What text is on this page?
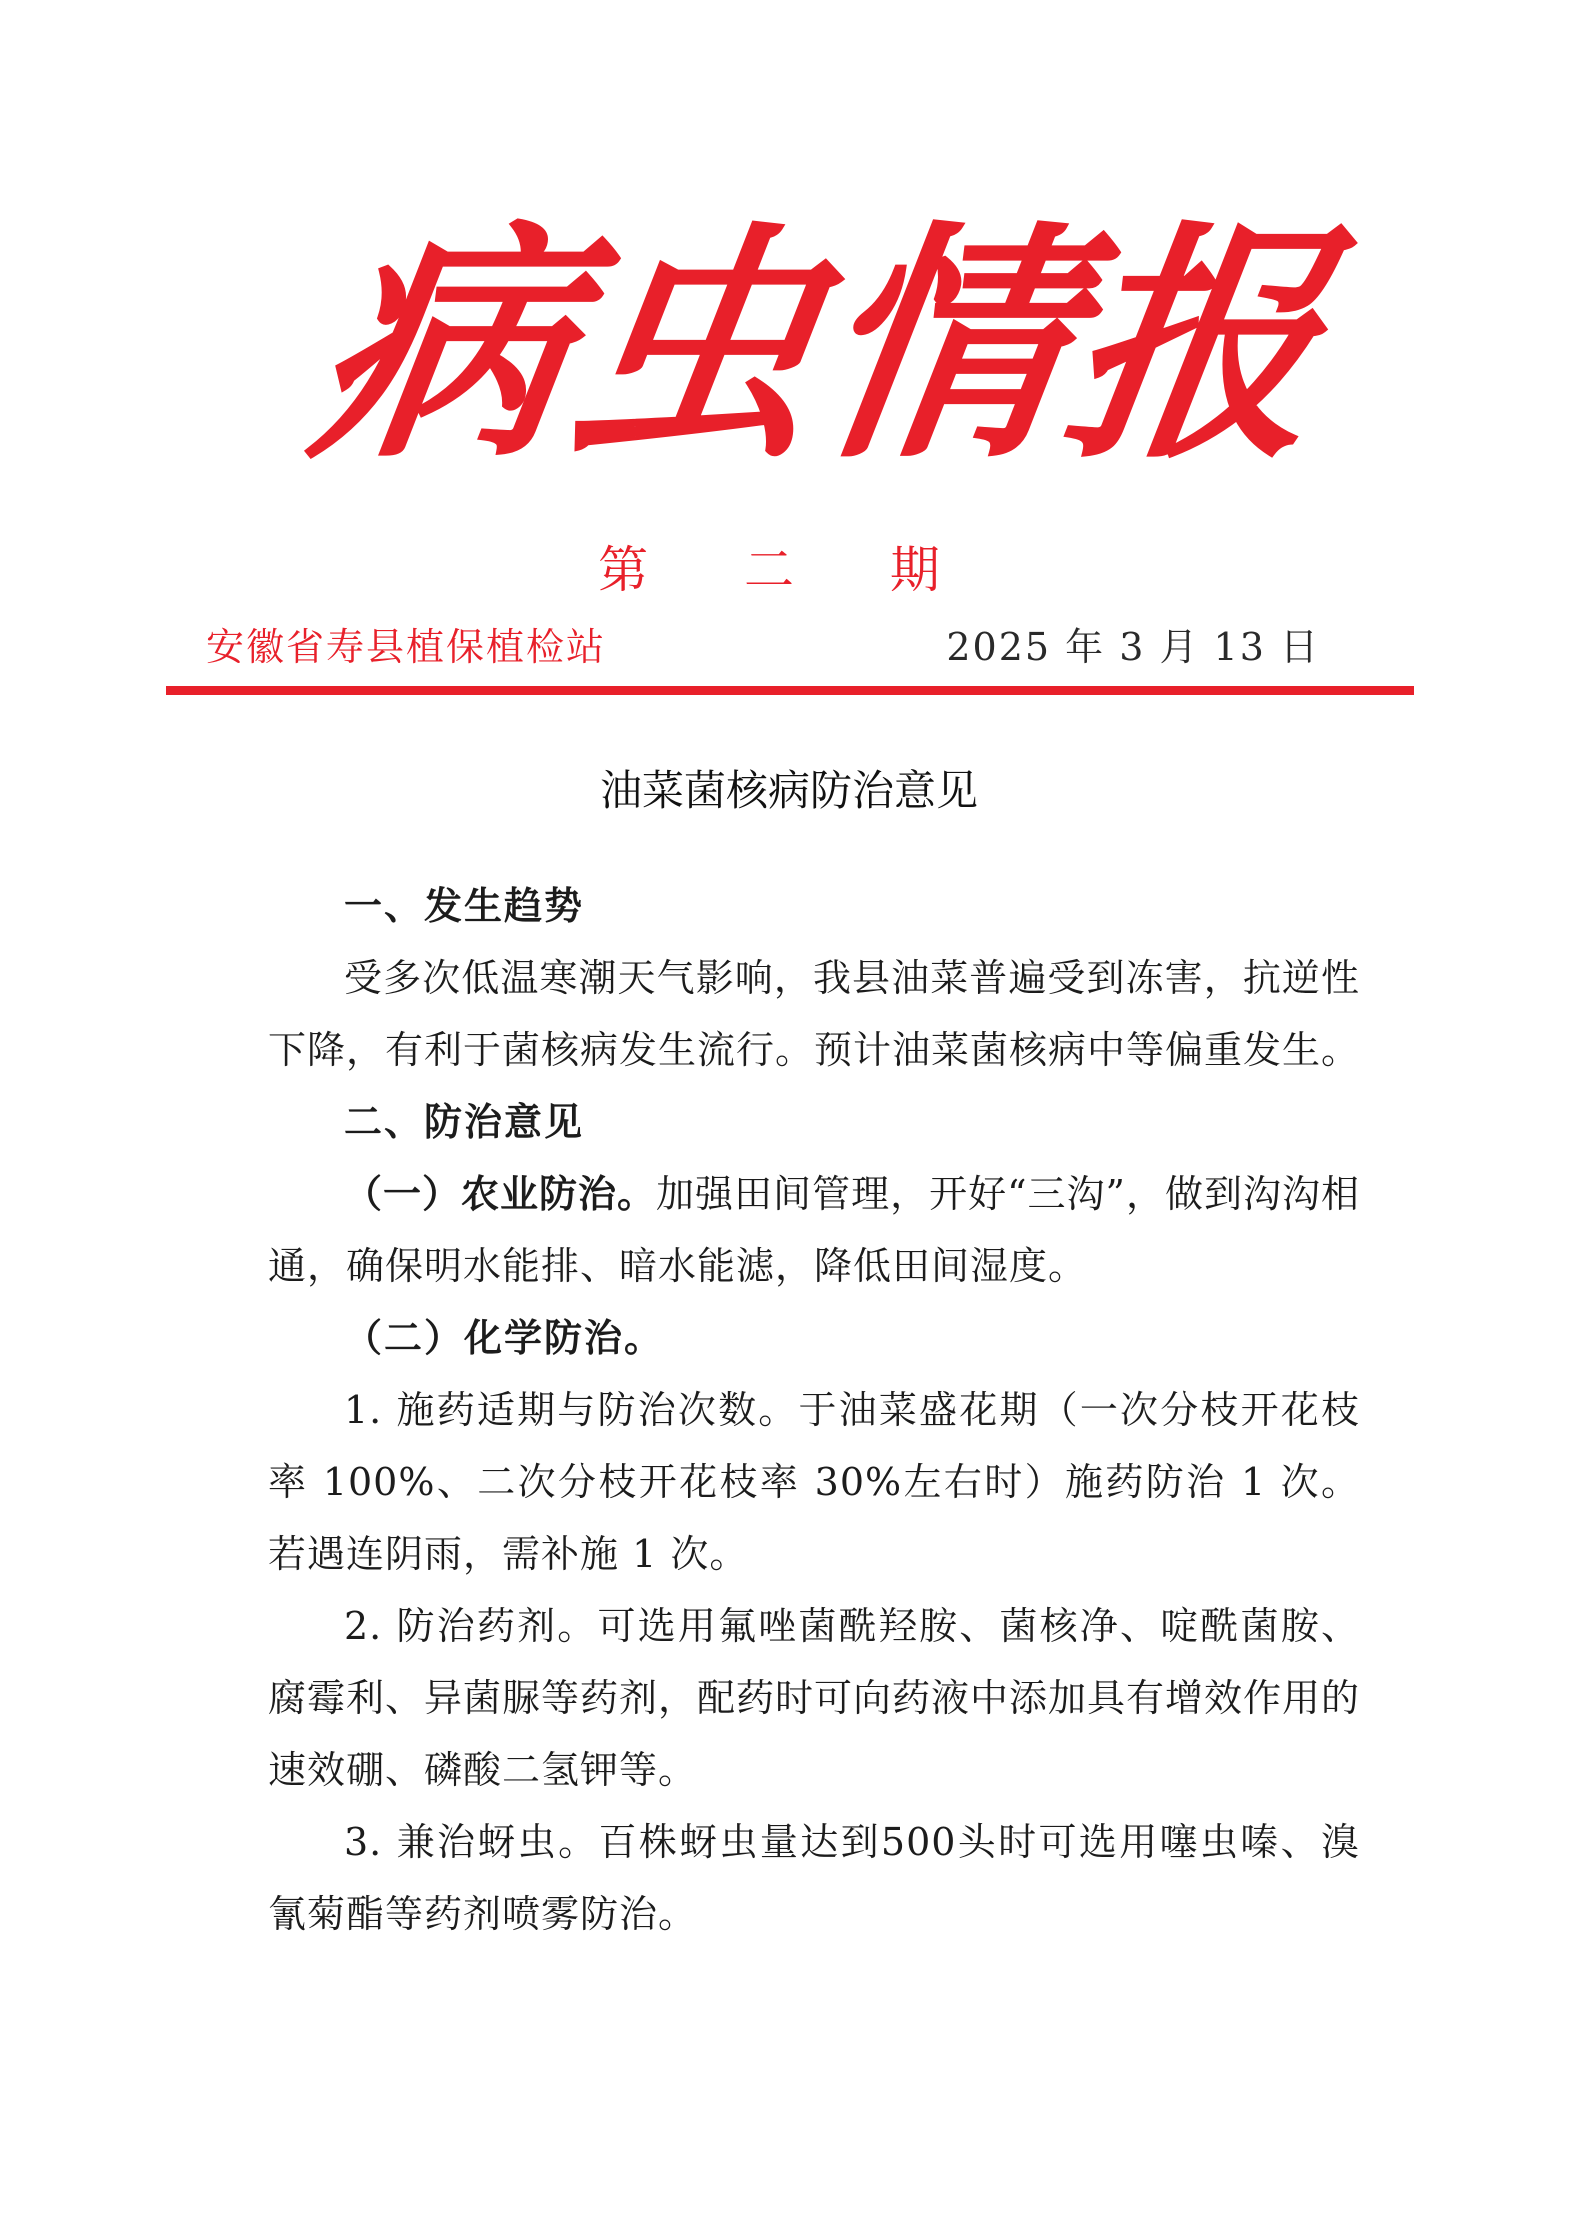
病
虫
情
报
第 二 期
安徽省寿县植保植检站	2025 年 3 月 13 日
油菜菌核病防治意见

一、发生趋势

受多次低温寒潮天气影响，我县油菜普遍受到冻害，抗逆性下降，有利于菌核病发生流行。预计油菜菌核病中等偏重发生。

二、防治意见

（一）农业防治。加强田间管理，开好“三沟”，做到沟沟相通，确保明水能排、暗水能滤，降低田间湿度。

（二）化学防治。

1. 施药适期与防治次数。于油菜盛花期（一次分枝开花枝率 100%、二次分枝开花枝率 30%左右时）施药防治 1 次。若遇连阴雨，需补施 1 次。

2. 防治药剂。可选用氟唑菌酰羟胺、菌核净、啶酰菌胺、腐霉利、异菌脲等药剂，配药时可向药液中添加具有增效作用的速效硼、磷酸二氢钾等。

3. 兼治蚜虫。百株蚜虫量达到500头时可选用噻虫嗪、溴氰菊酯等药剂喷雾防治。
